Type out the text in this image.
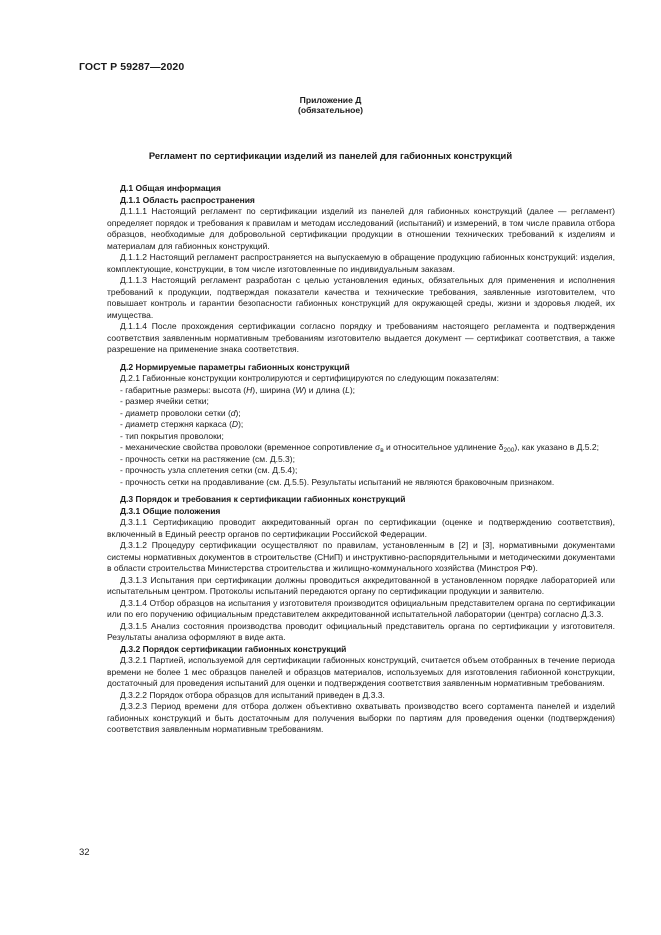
ГОСТ Р 59287—2020
Приложение Д
(обязательное)
Регламент по сертификации изделий из панелей для габионных конструкций

Д.1 Общая информация

Д.1.1 Область распространения

Д.1.1.1 Настоящий регламент по сертификации изделий из панелей для габионных конструкций (далее — регламент) определяет порядок и требования к правилам и методам исследований (испытаний) и измерений, в том числе правила отбора образцов, необходимые для добровольной сертификации продукции в отношении технических требований к изделиям и материалам для габионных конструкций.

Д.1.1.2 Настоящий регламент распространяется на выпускаемую в обращение продукцию габионных конструкций: изделия, комплектующие, конструкции, в том числе изготовленные по индивидуальным заказам.

Д.1.1.3 Настоящий регламент разработан с целью установления единых, обязательных для применения и исполнения требований к продукции, подтверждая показатели качества и технические требования, заявленные изготовителем, что повышает контроль и гарантии безопасности габионных конструкций для окружающей среды, жизни и здоровья людей, их имущества.

Д.1.1.4 После прохождения сертификации согласно порядку и требованиям настоящего регламента и подтверждения соответствия заявленным нормативным требованиям изготовителю выдается документ — сертификат соответствия, а также разрешение на применение знака соответствия.

Д.2 Нормируемые параметры габионных конструкций

Д.2.1 Габионные конструкции контролируются и сертифицируются по следующим показателям:

- габаритные размеры: высота (H), ширина (W) и длина (L);

- размер ячейки сетки;

- диаметр проволоки сетки (d);

- диаметр стержня каркаса (D);

- тип покрытия проволоки;

- механические свойства проволоки (временное сопротивление $\sigma_в$ и относительное удлинение $\delta_{200}$), как указано в Д.5.2;

- прочность сетки на растяжение (см. Д.5.3);

- прочность узла сплетения сетки (см. Д.5.4);

- прочность сетки на продавливание (см. Д.5.5). Результаты испытаний не являются браковочным признаком.

Д.3 Порядок и требования к сертификации габионных конструкций

Д.3.1 Общие положения

Д.3.1.1 Сертификацию проводит аккредитованный орган по сертификации (оценке и подтверждению соответствия), включенный в Единый реестр органов по сертификации Российской Федерации.

Д.3.1.2 Процедуру сертификации осуществляют по правилам, установленным в [2] и [3], нормативными документами системы нормативных документов в строительстве (СНиП) и инструктивно-распорядительными и методическими документами в области строительства Министерства строительства и жилищно-коммунального хозяйства (Минстроя РФ).

Д.3.1.3 Испытания при сертификации должны проводиться аккредитованной в установленном порядке лабораторией или испытательным центром. Протоколы испытаний передаются органу по сертификации продукции и заявителю.

Д.3.1.4 Отбор образцов на испытания у изготовителя производится официальным представителем органа по сертификации или по его поручению официальным представителем аккредитованной испытательной лаборатории (центра) согласно Д.3.3.

Д.3.1.5 Анализ состояния производства проводит официальный представитель органа по сертификации у изготовителя. Результаты анализа оформляют в виде акта.

Д.3.2 Порядок сертификации габионных конструкций

Д.3.2.1 Партией, используемой для сертификации габионных конструкций, считается объем отобранных в течение периода времени не более 1 мес образцов панелей и образцов материалов, используемых для изготовления габионной конструкции, достаточный для проведения испытаний для оценки и подтверждения соответствия заявленным нормативным требованиям.

Д.3.2.2 Порядок отбора образцов для испытаний приведен в Д.3.3.

Д.3.2.3 Период времени для отбора должен объективно охватывать производство всего сортамента панелей и изделий габионных конструкций и быть достаточным для получения выборки по партиям для проведения оценки (подтверждения) соответствия заявленным нормативным требованиям.

32
